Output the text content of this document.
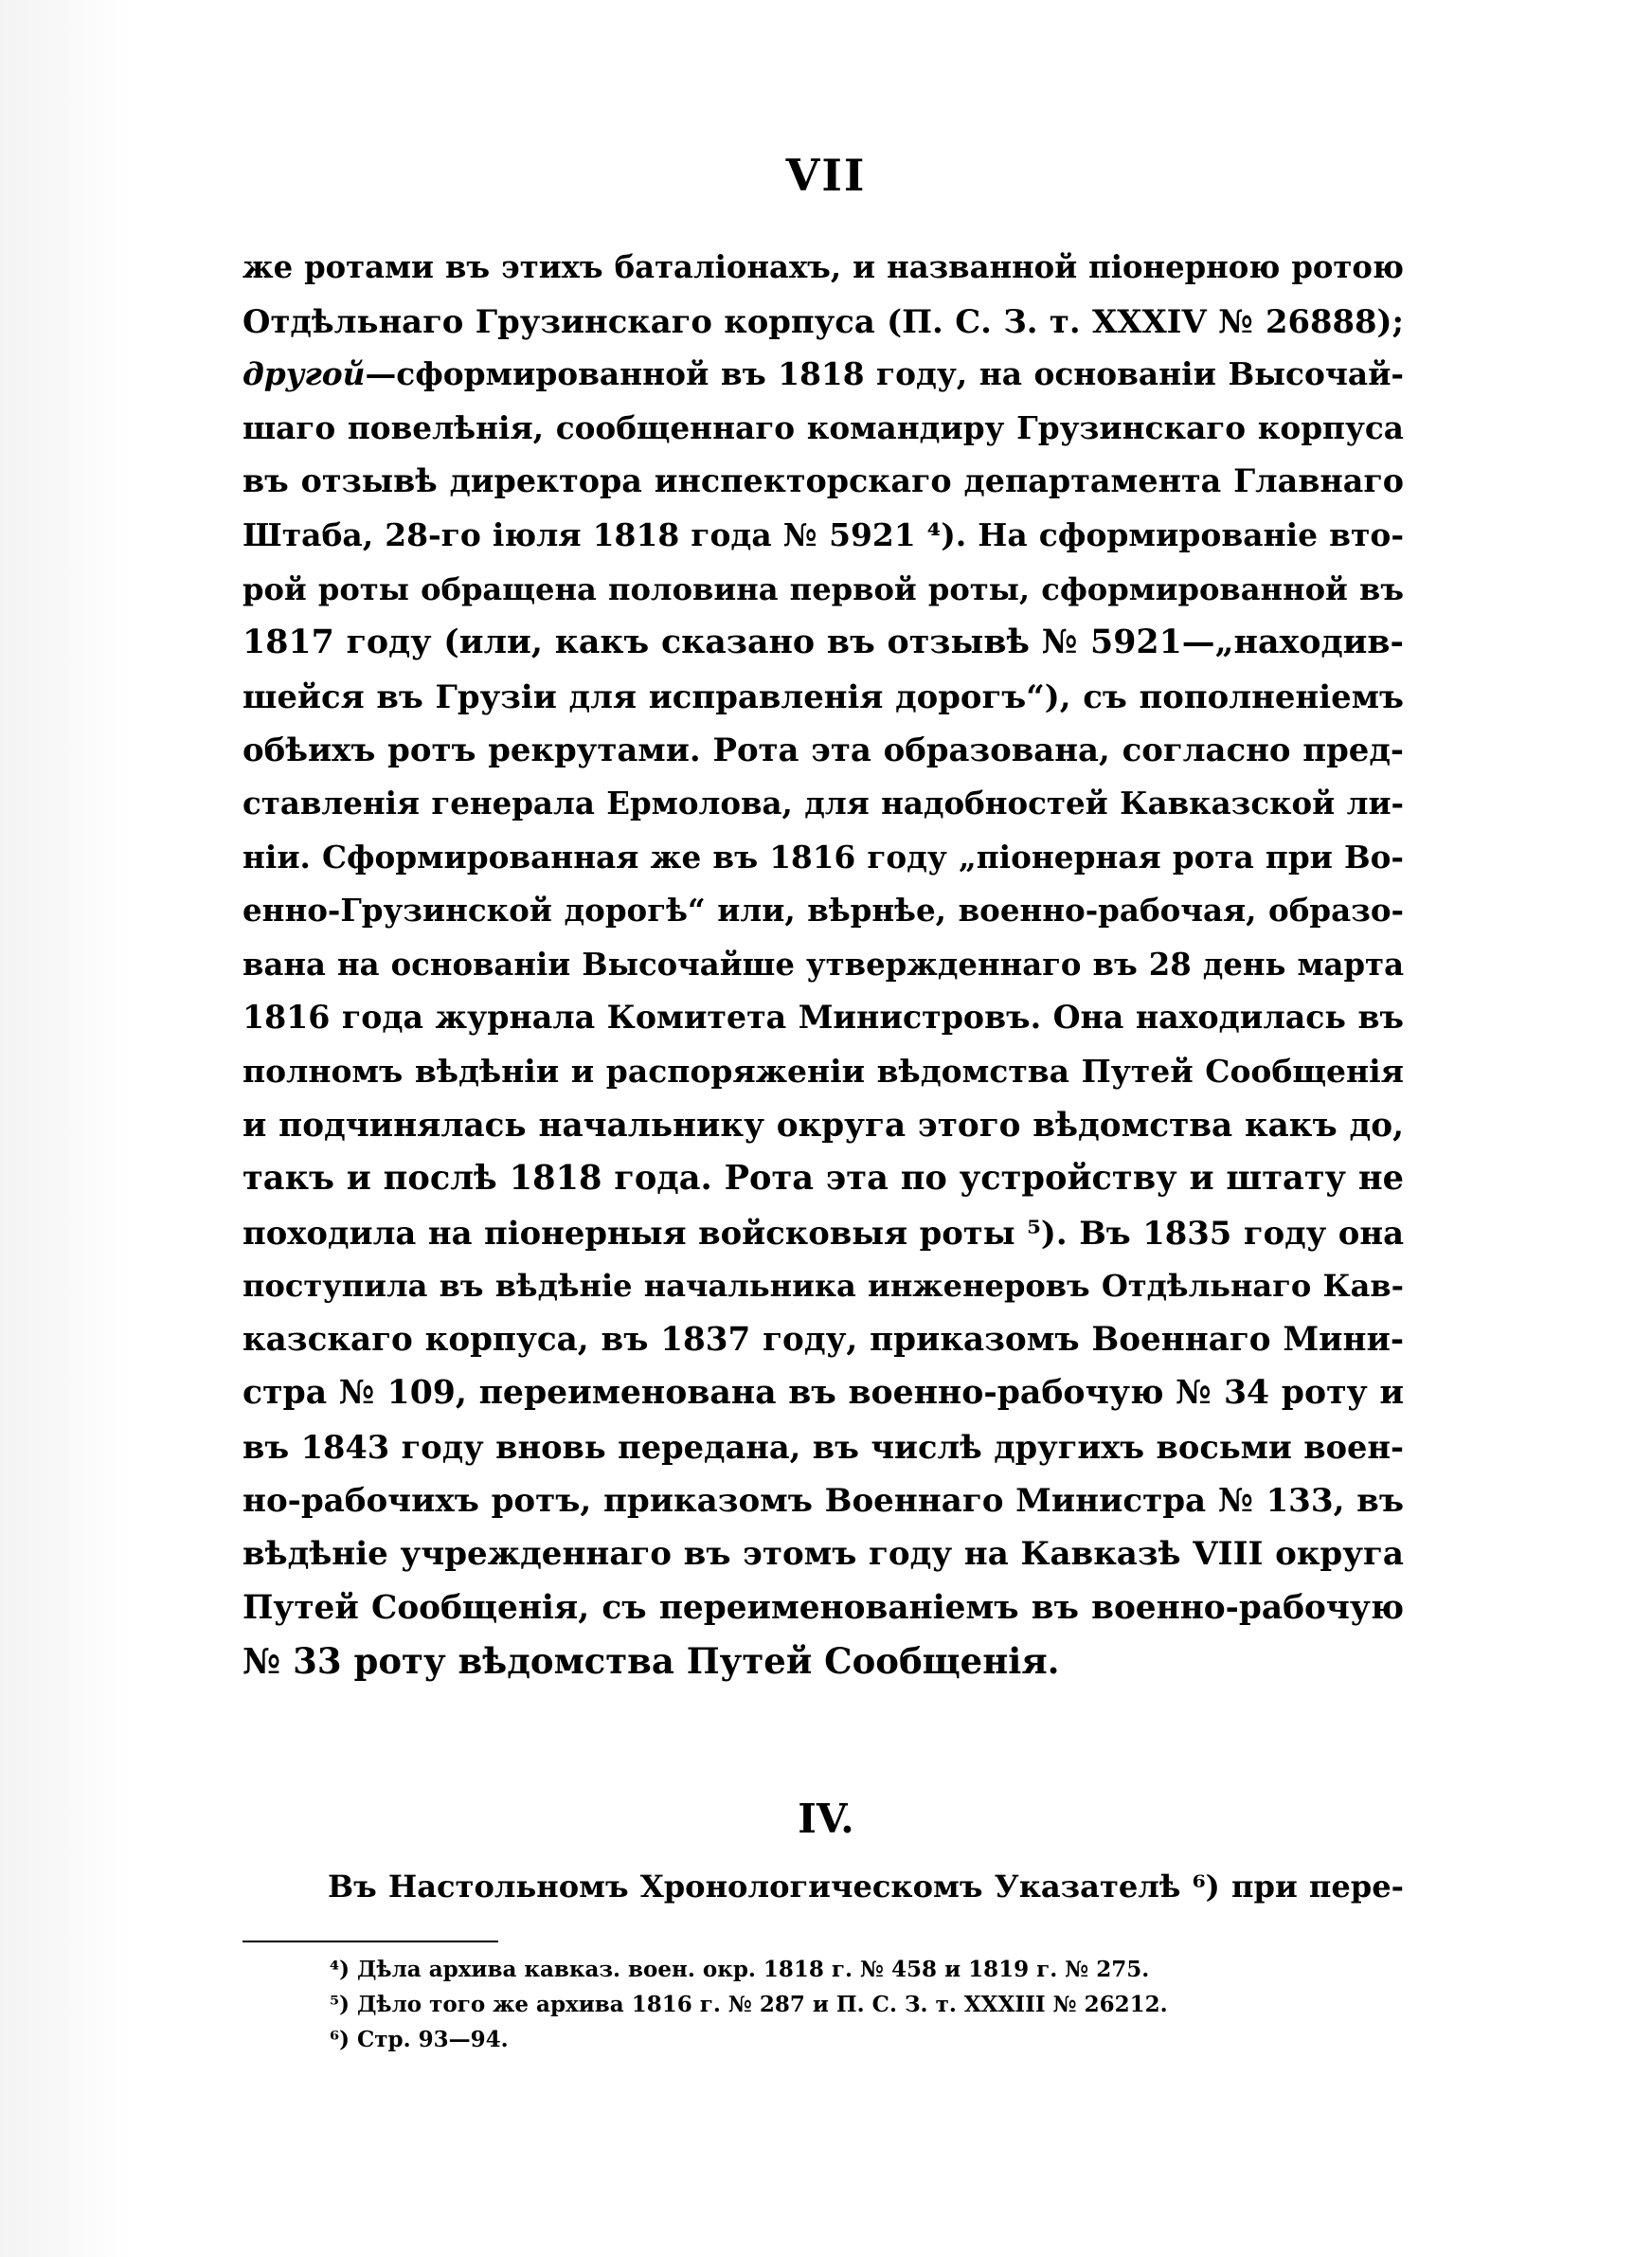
VII
же ротами въ этихъ баталіонахъ, и названной піонерною ротою
Отдѣльнаго Грузинскаго корпуса (П. С. З. т. XXXIV № 26888);
другой—сформированной въ 1818 году, на основаніи Высочай-
шаго повелѣнія, сообщеннаго командиру Грузинскаго корпуса
въ отзывѣ директора инспекторскаго департамента Главнаго
Штаба, 28-го іюля 1818 года № 5921 ⁴). На сформированіе вто-
рой роты обращена половина первой роты, сформированной въ
1817 году (или, какъ сказано въ отзывѣ № 5921—„находив-
шейся въ Грузіи для исправленія дорогъ“), съ пополненіемъ
обѣихъ ротъ рекрутами. Рота эта образована, согласно пред-
ставленія генерала Ермолова, для надобностей Кавказской ли-
ніи. Сформированная же въ 1816 году „піонерная рота при Во-
енно-Грузинской дорогѣ“ или, вѣрнѣе, военно-рабочая, образо-
вана на основаніи Высочайше утвержденнаго въ 28 день марта
1816 года журнала Комитета Министровъ. Она находилась въ
полномъ вѣдѣніи и распоряженіи вѣдомства Путей Сообщенія
и подчинялась начальнику округа этого вѣдомства какъ до,
такъ и послѣ 1818 года. Рота эта по устройству и штату не
походила на піонерныя войсковыя роты ⁵). Въ 1835 году она
поступила въ вѣдѣніе начальника инженеровъ Отдѣльнаго Кав-
казскаго корпуса, въ 1837 году, приказомъ Военнаго Мини-
стра № 109, переименована въ военно-рабочую № 34 роту и
въ 1843 году вновь передана, въ числѣ другихъ восьми воен-
но-рабочихъ ротъ, приказомъ Военнаго Министра № 133, въ
вѣдѣніе учрежденнаго въ этомъ году на Кавказѣ VIII округа
Путей Сообщенія, съ переименованіемъ въ военно-рабочую
№ 33 роту вѣдомства Путей Сообщенія.
IV.
Въ Настольномъ Хронологическомъ Указателѣ ⁶) при пере-
⁴) Дѣла архива кавказ. воен. окр. 1818 г. № 458 и 1819 г. № 275.
⁵) Дѣло того же архива 1816 г. № 287 и П. С. З. т. XXXIII № 26212.
⁶) Стр. 93—94.
